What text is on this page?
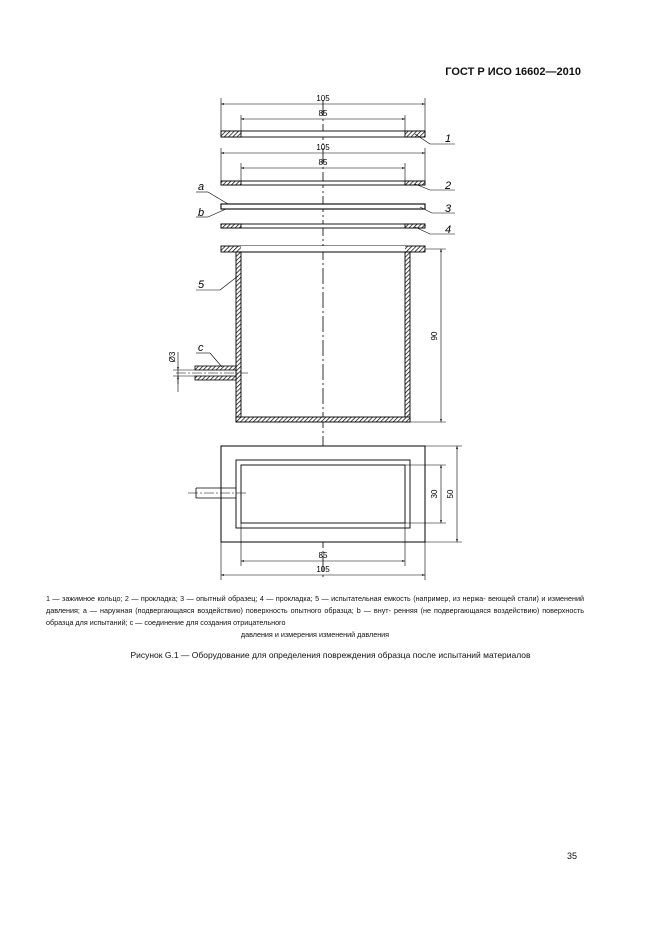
ГОСТ Р ИСО 16602—2010
105
85
1
105
85
2
a
b	3
4
90
5
c
Ø3
30 50
85
105
1 — зажимное кольцо; 2 — прокладка; 3 — опытный образец; 4 — прокладка; 5 — испытательная емкость (например, из нержа- веющей стали) и изменений давления; a — наружная (подвергающаяся воздействию) поверхность опытного образца; b — внут- ренняя (не подвергающаяся воздействию) поверхность образца для испытаний; c — соединение для создания отрицательного
давления и измерения изменений давления
Рисунок G.1 — Оборудование для определения повреждения образца после испытаний материалов
35
